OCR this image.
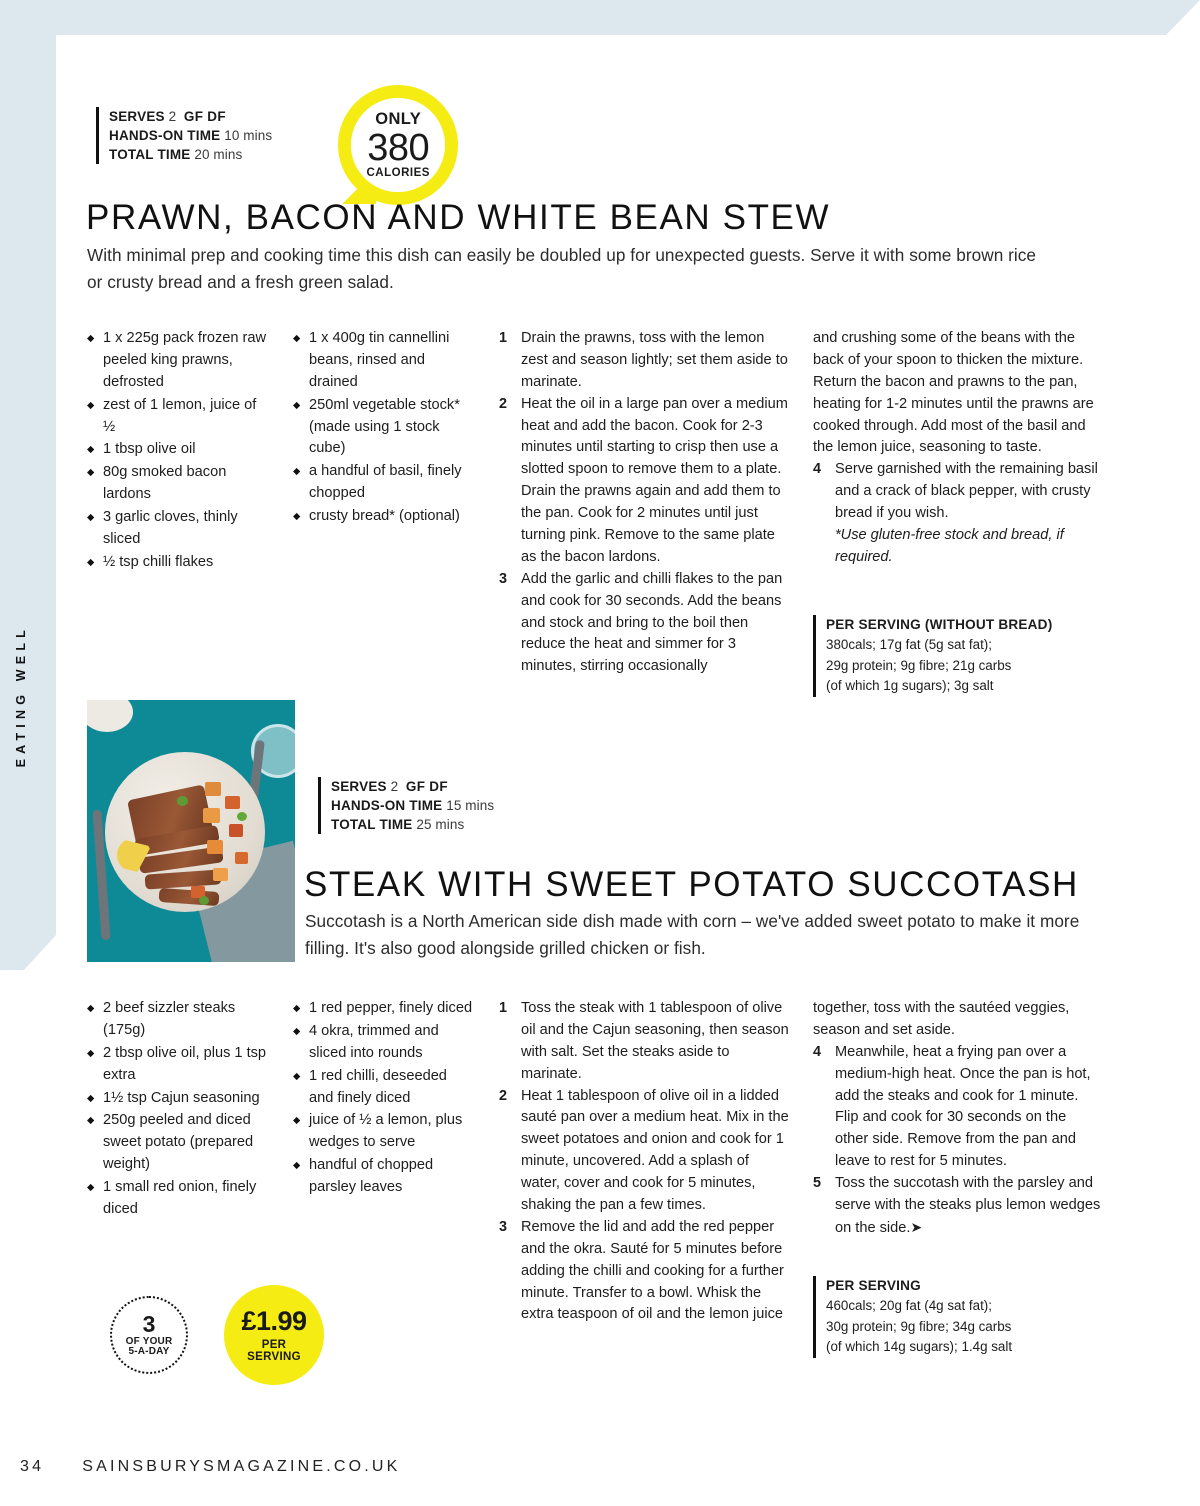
EATING WELL
SERVES 2 GF DF
HANDS-ON TIME 10 mins
TOTAL TIME 20 mins
ONLY
380
CALORIES
PRAWN, BACON AND WHITE BEAN STEW

With minimal prep and cooking time this dish can easily be doubled up for unexpected guests. Serve it with some brown rice or crusty bread and a fresh green salad.

◆ 1 x 225g pack frozen raw peeled king prawns, defrosted
◆ zest of 1 lemon, juice of ½
◆ 1 tbsp olive oil
◆ 80g smoked bacon lardons
◆ 3 garlic cloves, thinly sliced
◆ ½ tsp chilli flakes
◆ 1 x 400g tin cannellini beans, rinsed and drained
◆ 250ml vegetable stock* (made using 1 stock cube)
◆ a handful of basil, finely chopped
◆ crusty bread* (optional)
Drain the prawns, toss with the lemon zest and season lightly; set them aside to marinate.
Heat the oil in a large pan over a medium heat and add the bacon. Cook for 2-3 minutes until starting to crisp then use a slotted spoon to remove them to a plate. Drain the prawns again and add them to the pan. Cook for 2 minutes until just turning pink. Remove to the same plate as the bacon lardons.
Add the garlic and chilli flakes to the pan and cook for 30 seconds. Add the beans and stock and bring to the boil then reduce the heat and simmer for 3 minutes, stirring occasionally
and crushing some of the beans with the back of your spoon to thicken the mixture. Return the bacon and prawns to the pan, heating for 1-2 minutes until the prawns are cooked through. Add most of the basil and the lemon juice, seasoning to taste.
Serve garnished with the remaining basil and a crack of black pepper, with crusty bread if you wish.
*Use gluten-free stock and bread, if required.
PER SERVING (WITHOUT BREAD)
380cals; 17g fat (5g sat fat);
29g protein; 9g fibre; 21g carbs
(of which 1g sugars); 3g salt
SERVES 2 GF DF
HANDS-ON TIME 15 mins
TOTAL TIME 25 mins
STEAK WITH SWEET POTATO SUCCOTASH

Succotash is a North American side dish made with corn – we've added sweet potato to make it more filling. It's also good alongside grilled chicken or fish.

◆ 2 beef sizzler steaks (175g)
◆ 2 tbsp olive oil, plus 1 tsp extra
◆ 1½ tsp Cajun seasoning
◆ 250g peeled and diced sweet potato (prepared weight)
◆ 1 small red onion, finely diced
◆ 1 red pepper, finely diced
◆ 4 okra, trimmed and sliced into rounds
◆ 1 red chilli, deseeded and finely diced
◆ juice of ½ a lemon, plus wedges to serve
◆ handful of chopped parsley leaves
Toss the steak with 1 tablespoon of olive oil and the Cajun seasoning, then season with salt. Set the steaks aside to marinate.
Heat 1 tablespoon of olive oil in a lidded sauté pan over a medium heat. Mix in the sweet potatoes and onion and cook for 1 minute, uncovered. Add a splash of water, cover and cook for 5 minutes, shaking the pan a few times.
Remove the lid and add the red pepper and the okra. Sauté for 5 minutes before adding the chilli and cooking for a further minute. Transfer to a bowl. Whisk the extra teaspoon of oil and the lemon juice
together, toss with the sautéed veggies, season and set aside.
Meanwhile, heat a frying pan over a medium-high heat. Once the pan is hot, add the steaks and cook for 1 minute. Flip and cook for 30 seconds on the other side. Remove from the pan and leave to rest for 5 minutes.
Toss the succotash with the parsley and serve with the steaks plus lemon wedges on the side.➤
PER SERVING
460cals; 20g fat (4g sat fat);
30g protein; 9g fibre; 34g carbs
(of which 14g sugars); 1.4g salt
3
OF YOUR
5-A-DAY
£1.99
PER
SERVING
34 SAINSBURYSMAGAZINE.CO.UK
